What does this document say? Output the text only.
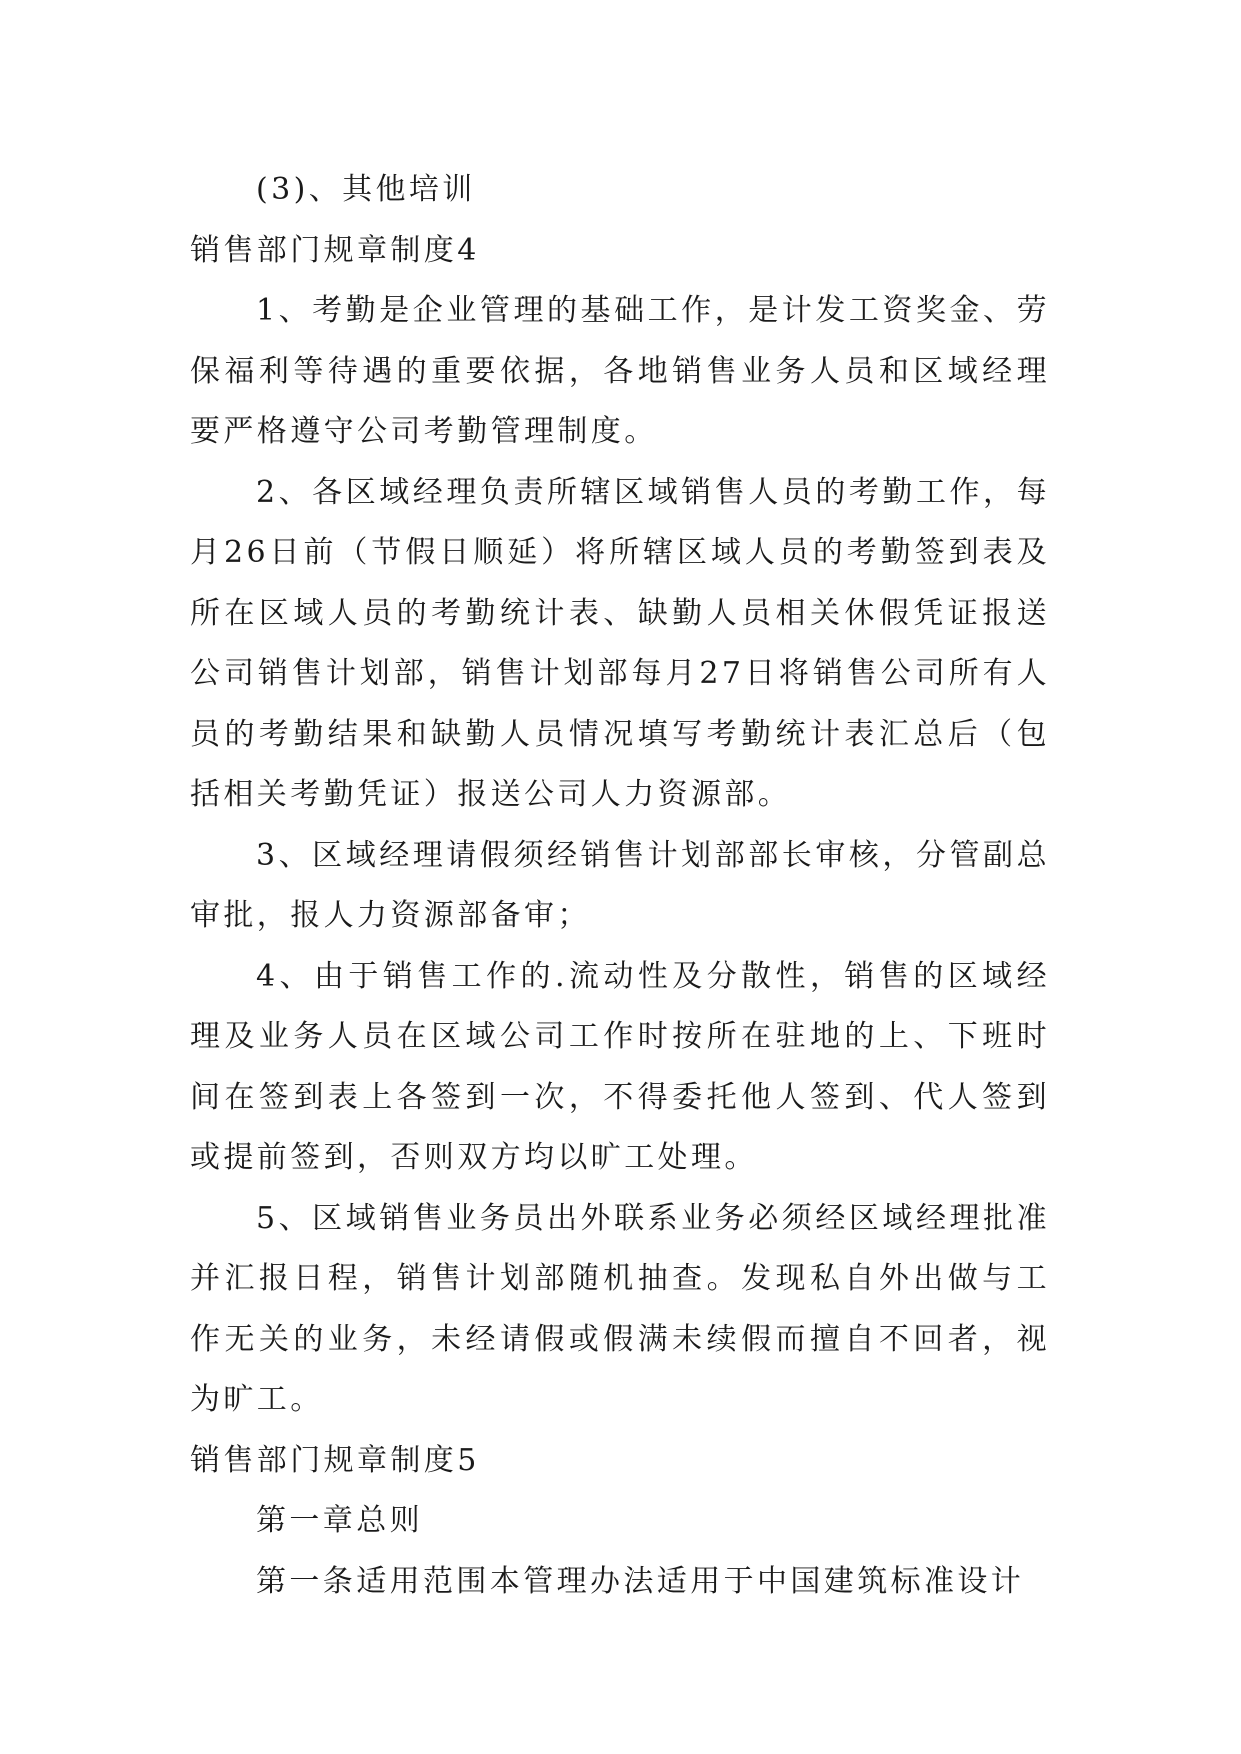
(3)、其他培训

销售部门规章制度4

1、考勤是企业管理的基础工作，是计发工资奖金、劳保福利等待遇的重要依据，各地销售业务人员和区域经理要严格遵守公司考勤管理制度。

2、各区域经理负责所辖区域销售人员的考勤工作，每月26日前（节假日顺延）将所辖区域人员的考勤签到表及所在区域人员的考勤统计表、缺勤人员相关休假凭证报送公司销售计划部，销售计划部每月27日将销售公司所有人员的考勤结果和缺勤人员情况填写考勤统计表汇总后（包括相关考勤凭证）报送公司人力资源部。

3、区域经理请假须经销售计划部部长审核，分管副总审批，报人力资源部备审；

4、由于销售工作的.流动性及分散性，销售的区域经理及业务人员在区域公司工作时按所在驻地的上、下班时间在签到表上各签到一次，不得委托他人签到、代人签到或提前签到，否则双方均以旷工处理。

5、区域销售业务员出外联系业务必须经区域经理批准并汇报日程，销售计划部随机抽查。发现私自外出做与工作无关的业务，未经请假或假满未续假而擅自不回者，视为旷工。

销售部门规章制度5

第一章总则

第一条适用范围本管理办法适用于中国建筑标准设计
